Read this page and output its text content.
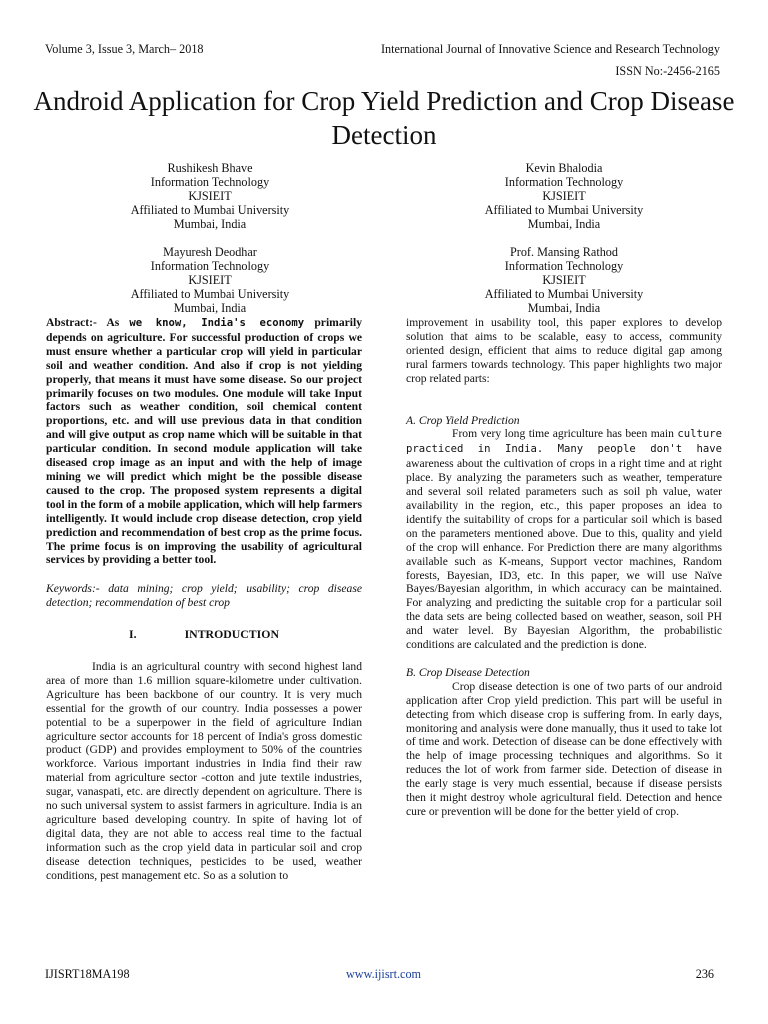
Volume 3, Issue 3, March– 2018	International Journal of Innovative Science and Research Technology
ISSN No:-2456-2165
Android Application for Crop Yield Prediction and Crop Disease Detection
Rushikesh Bhave
Information Technology
KJSIEIT
Affiliated to Mumbai University
Mumbai, India
Kevin Bhalodia
Information Technology
KJSIEIT
Affiliated to Mumbai University
Mumbai, India
Mayuresh Deodhar
Information Technology
KJSIEIT
Affiliated to Mumbai University
Mumbai, India
Prof. Mansing Rathod
Information Technology
KJSIEIT
Affiliated to Mumbai University
Mumbai, India

Abstract:- As we know, India's economy primarily depends on agriculture. For successful production of crops we must ensure whether a particular crop will yield in particular soil and weather condition. And also if crop is not yielding properly, that means it must have some disease. So our project primarily focuses on two modules. One module will take Input factors such as weather condition, soil chemical content proportions, etc. and will use previous data in that condition and will give output as crop name which will be suitable in that particular condition. In second module application will take diseased crop image as an input and with the help of image mining we will predict which might be the possible disease caused to the crop. The proposed system represents a digital tool in the form of a mobile application, which will help farmers intelligently. It would include crop disease detection, crop yield prediction and recommendation of best crop as the prime focus. The prime focus is on improving the usability of agricultural services by providing a better tool.

Keywords:- data mining; crop yield; usability; crop disease detection; recommendation of best crop

I.	INTRODUCTION

India is an agricultural country with second highest land area of more than 1.6 million square-kilometre under cultivation. Agriculture has been backbone of our country. It is very much essential for the growth of our country. India possesses a power potential to be a superpower in the field of agriculture Indian agriculture sector accounts for 18 percent of India's gross domestic product (GDP) and provides employment to 50% of the countries workforce. Various important industries in India find their raw material from agriculture sector -cotton and jute textile industries, sugar, vanaspati, etc. are directly dependent on agriculture. There is no such universal system to assist farmers in agriculture. India is an agriculture based developing country. In spite of having lot of digital data, they are not able to access real time to the factual information such as the crop yield data in particular soil and crop disease detection techniques, pesticides to be used, weather conditions, pest management etc. So as a solution to

improvement in usability tool, this paper explores to develop solution that aims to be scalable, easy to access, community oriented design, efficient that aims to reduce digital gap among rural farmers towards technology. This paper highlights two major crop related parts:

A. Crop Yield Prediction

From very long time agriculture has been main culture practiced in India. Many people don't have awareness about the cultivation of crops in a right time and at right place. By analyzing the parameters such as weather, temperature and several soil related parameters such as soil ph value, water availability in the region, etc., this paper proposes an idea to identify the suitability of crops for a particular soil which is based on the parameters mentioned above. Due to this, quality and yield of the crop will enhance. For Prediction there are many algorithms available such as K-means, Support vector machines, Random forests, Bayesian, ID3, etc. In this paper, we will use Naïve Bayes/Bayesian algorithm, in which accuracy can be maintained. For analyzing and predicting the suitable crop for a particular soil the data sets are being collected based on weather, season, soil PH and water level. By Bayesian Algorithm, the probabilistic conditions are calculated and the prediction is done.

B. Crop Disease Detection

Crop disease detection is one of two parts of our android application after Crop yield prediction. This part will be useful in detecting from which disease crop is suffering from. In early days, monitoring and analysis were done manually, thus it used to take lot of time and work. Detection of disease can be done effectively with the help of image processing techniques and algorithms. So it reduces the lot of work from farmer side. Detection of disease in the early stage is very much essential, because if disease persists then it might destroy whole agricultural field. Detection and hence cure or prevention will be done for the better yield of crop.

IJISRT18MA198	www.ijisrt.com	236
